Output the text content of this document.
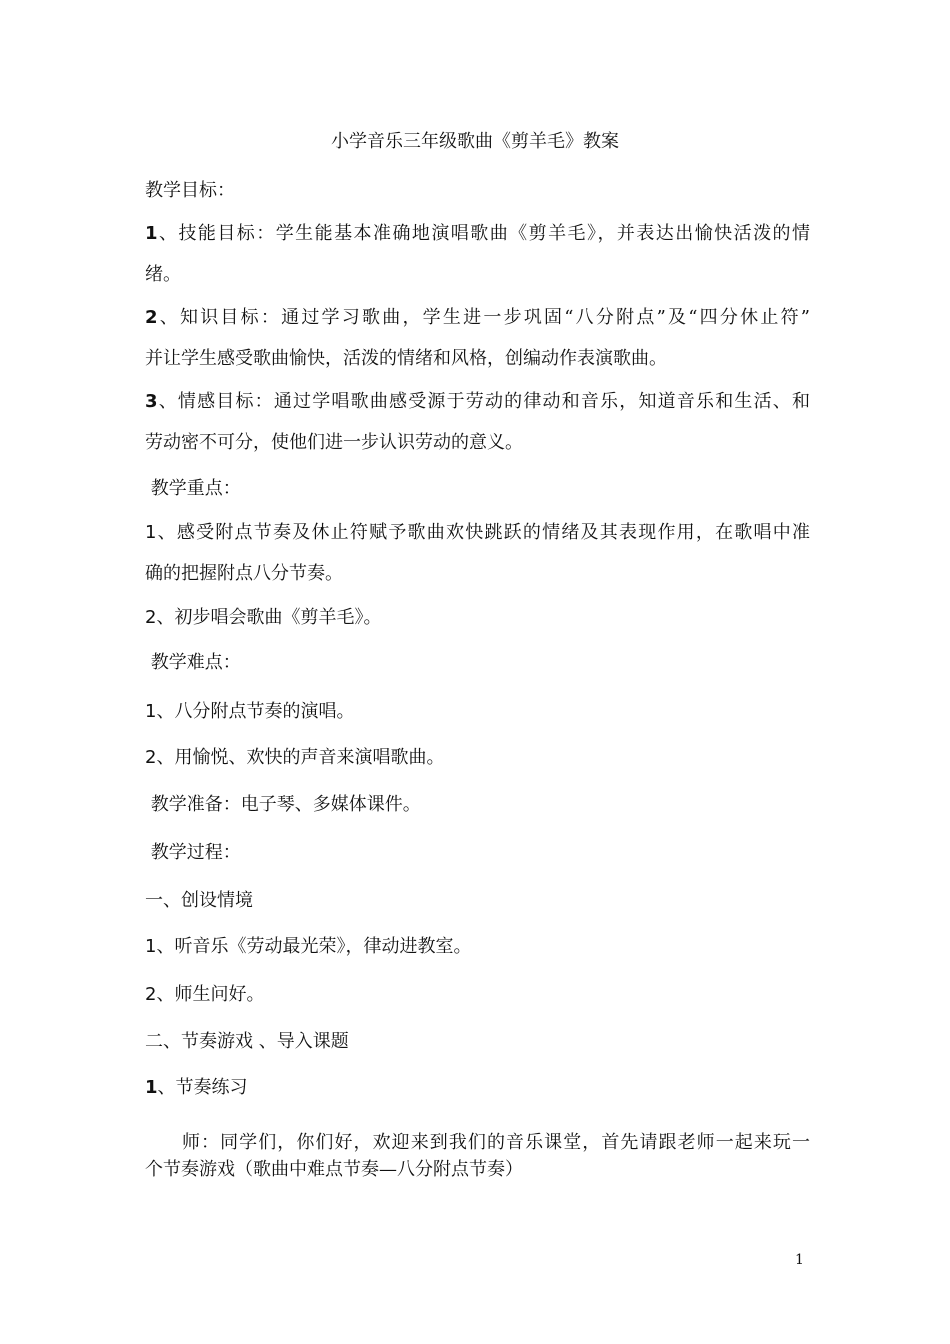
小学音乐三年级歌曲《剪羊毛》教案
教学目标：
1、技能目标：学生能基本准确地演唱歌曲《剪羊毛》，并表达出愉快活泼的情
绪。
2、知识目标：通过学习歌曲，学生进一步巩固“八分附点”及“四分休止符”
并让学生感受歌曲愉快，活泼的情绪和风格，创编动作表演歌曲。
3、情感目标：通过学唱歌曲感受源于劳动的律动和音乐，知道音乐和生活、和
劳动密不可分，使他们进一步认识劳动的意义。
教学重点：
1、感受附点节奏及休止符赋予歌曲欢快跳跃的情绪及其表现作用，在歌唱中准
确的把握附点八分节奏。
2、初步唱会歌曲《剪羊毛》。
教学难点：
1、八分附点节奏的演唱。
2、用愉悦、欢快的声音来演唱歌曲。
教学准备：电子琴、多媒体课件。
教学过程：
一、创设情境
1、听音乐《劳动最光荣》，律动进教室。
2、师生问好。
二、节奏游戏 、导入课题
1、节奏练习
师：同学们，你们好，欢迎来到我们的音乐课堂，首先请跟老师一起来玩一
个节奏游戏（歌曲中难点节奏—八分附点节奏）
1
